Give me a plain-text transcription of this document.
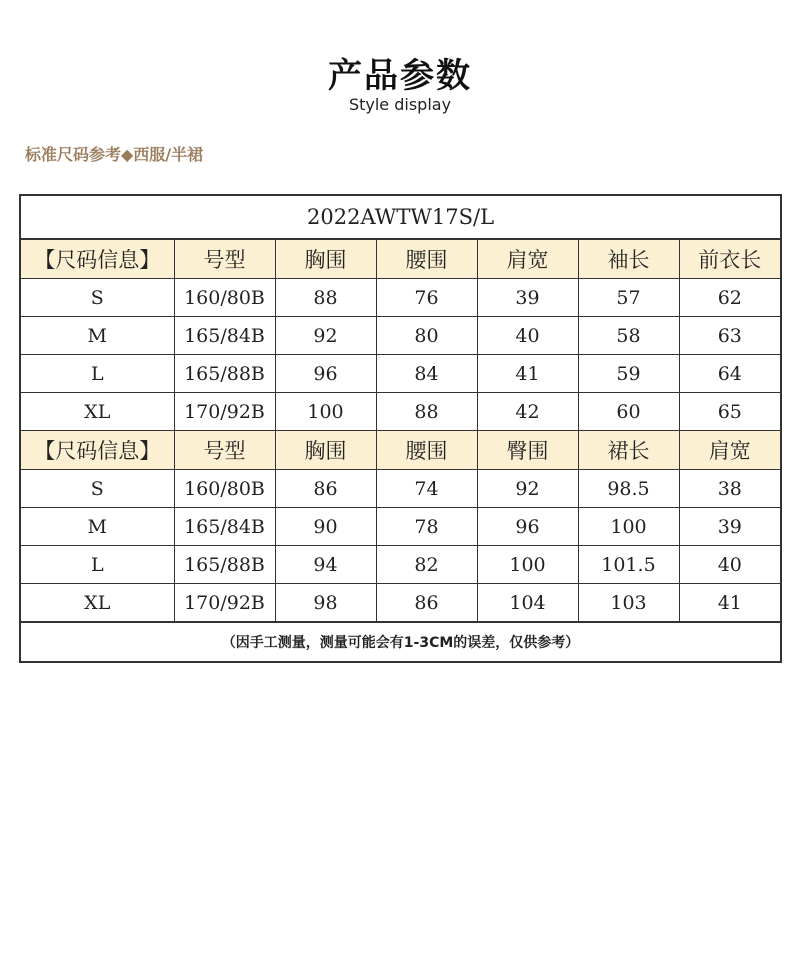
产品参数
Style display
标准尺码参考◆西服/半裙
2022AWTW17S/L						
【尺码信息】	号型	胸围	腰围	肩宽	袖长	前衣长
S	160/80B	88	76	39	57	62
M	165/84B	92	80	40	58	63
L	165/88B	96	84	41	59	64
XL	170/92B	100	88	42	60	65
【尺码信息】	号型	胸围	腰围	臀围	裙长	肩宽
S	160/80B	86	74	92	98.5	38
M	165/84B	90	78	96	100	39
L	165/88B	94	82	100	101.5	40
XL	170/92B	98	86	104	103	41
（因手工测量，测量可能会有1-3CM的误差，仅供参考）						
